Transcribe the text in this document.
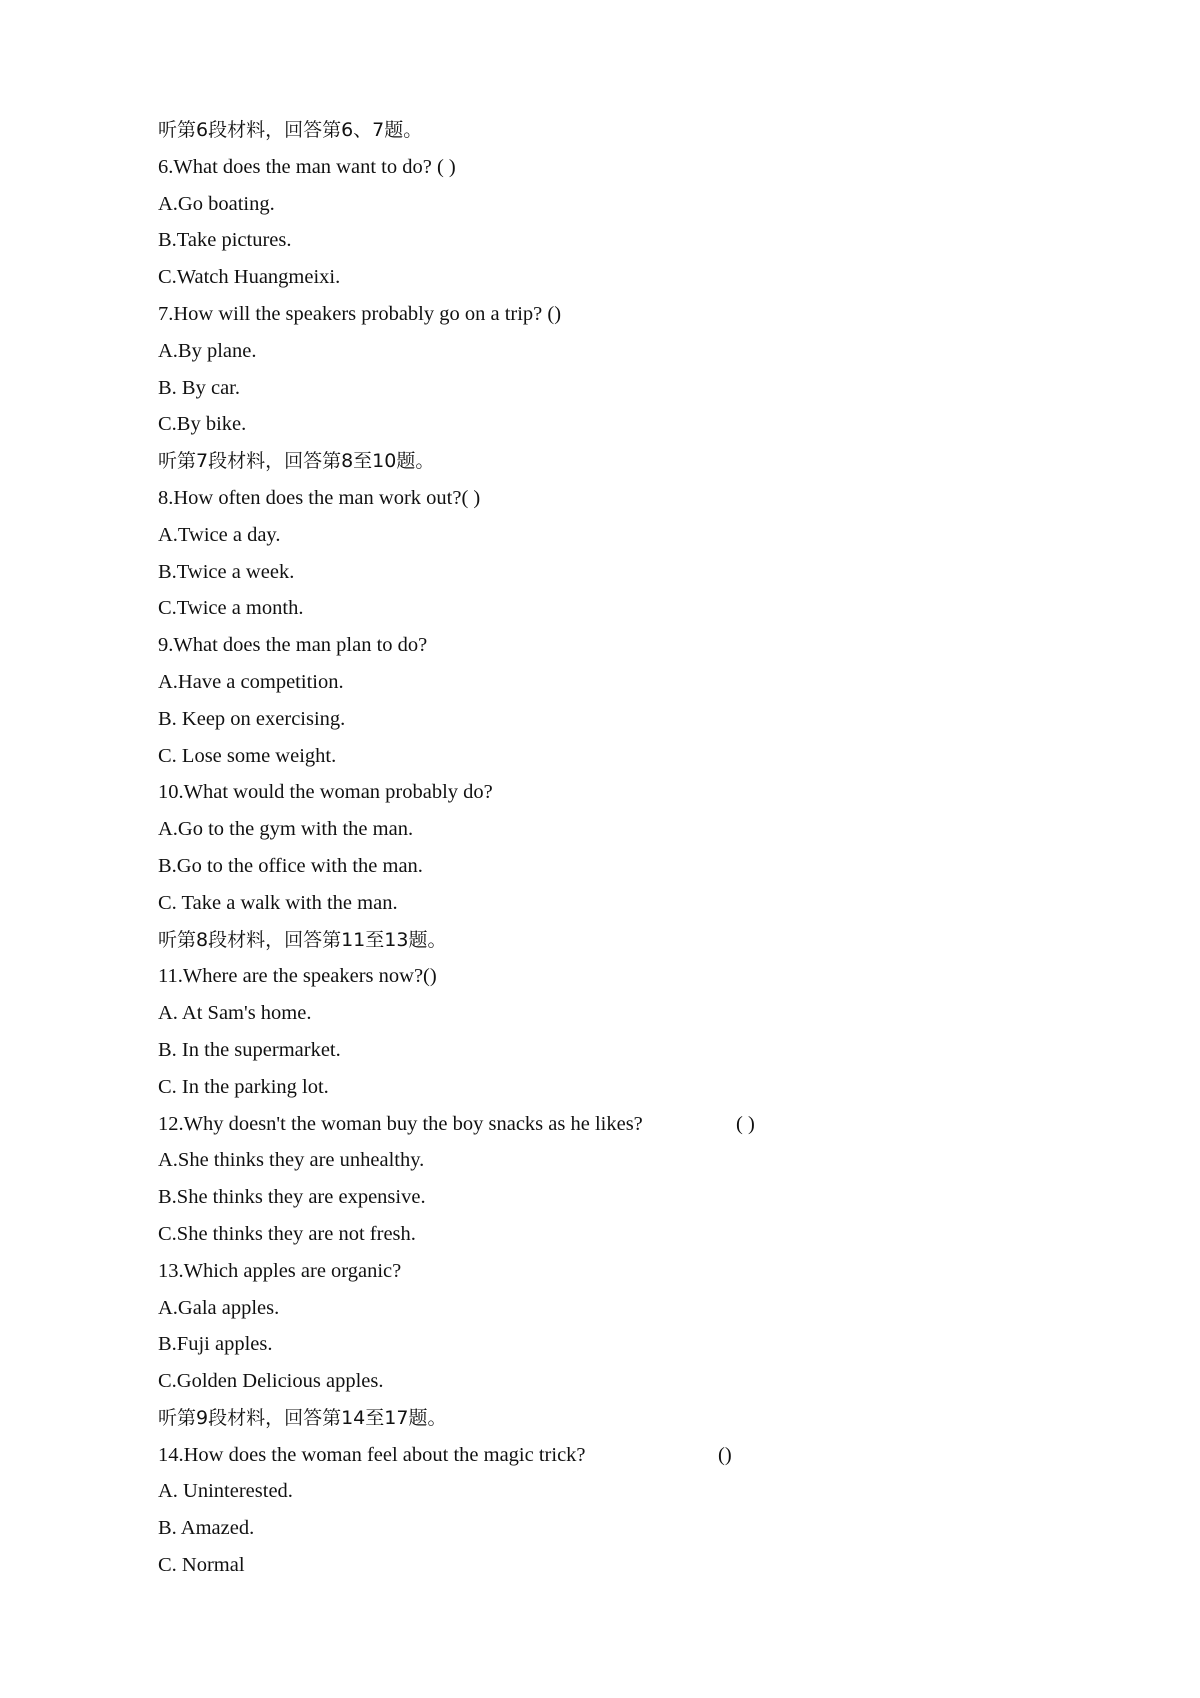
听第6段材料，回答第6、7题。
6.What does the man want to do? ( )
A.Go boating.
B.Take pictures.
C.Watch Huangmeixi.
7.How will the speakers probably go on a trip? ()
A.By plane.
B. By car.
C.By bike.
听第7段材料，回答第8至10题。
8.How often does the man work out?( )
A.Twice a day.
B.Twice a week.
C.Twice a month.
9.What does the man plan to do?
A.Have a competition.
B. Keep on exercising.
C. Lose some weight.
10.What would the woman probably do?
A.Go to the gym with the man.
B.Go to the office with the man.
C. Take a walk with the man.
听第8段材料，回答第11至13题。
11.Where are the speakers now?()
A. At Sam's home.
B. In the supermarket.
C. In the parking lot.
12.Why doesn't the woman buy the boy snacks as he likes?	( )
A.She thinks they are unhealthy.
B.She thinks they are expensive.
C.She thinks they are not fresh.
13.Which apples are organic?
A.Gala apples.
B.Fuji apples.
C.Golden Delicious apples.
听第9段材料，回答第14至17题。
14.How does the woman feel about the magic trick?	()
A. Uninterested.
B. Amazed.
C. Normal
